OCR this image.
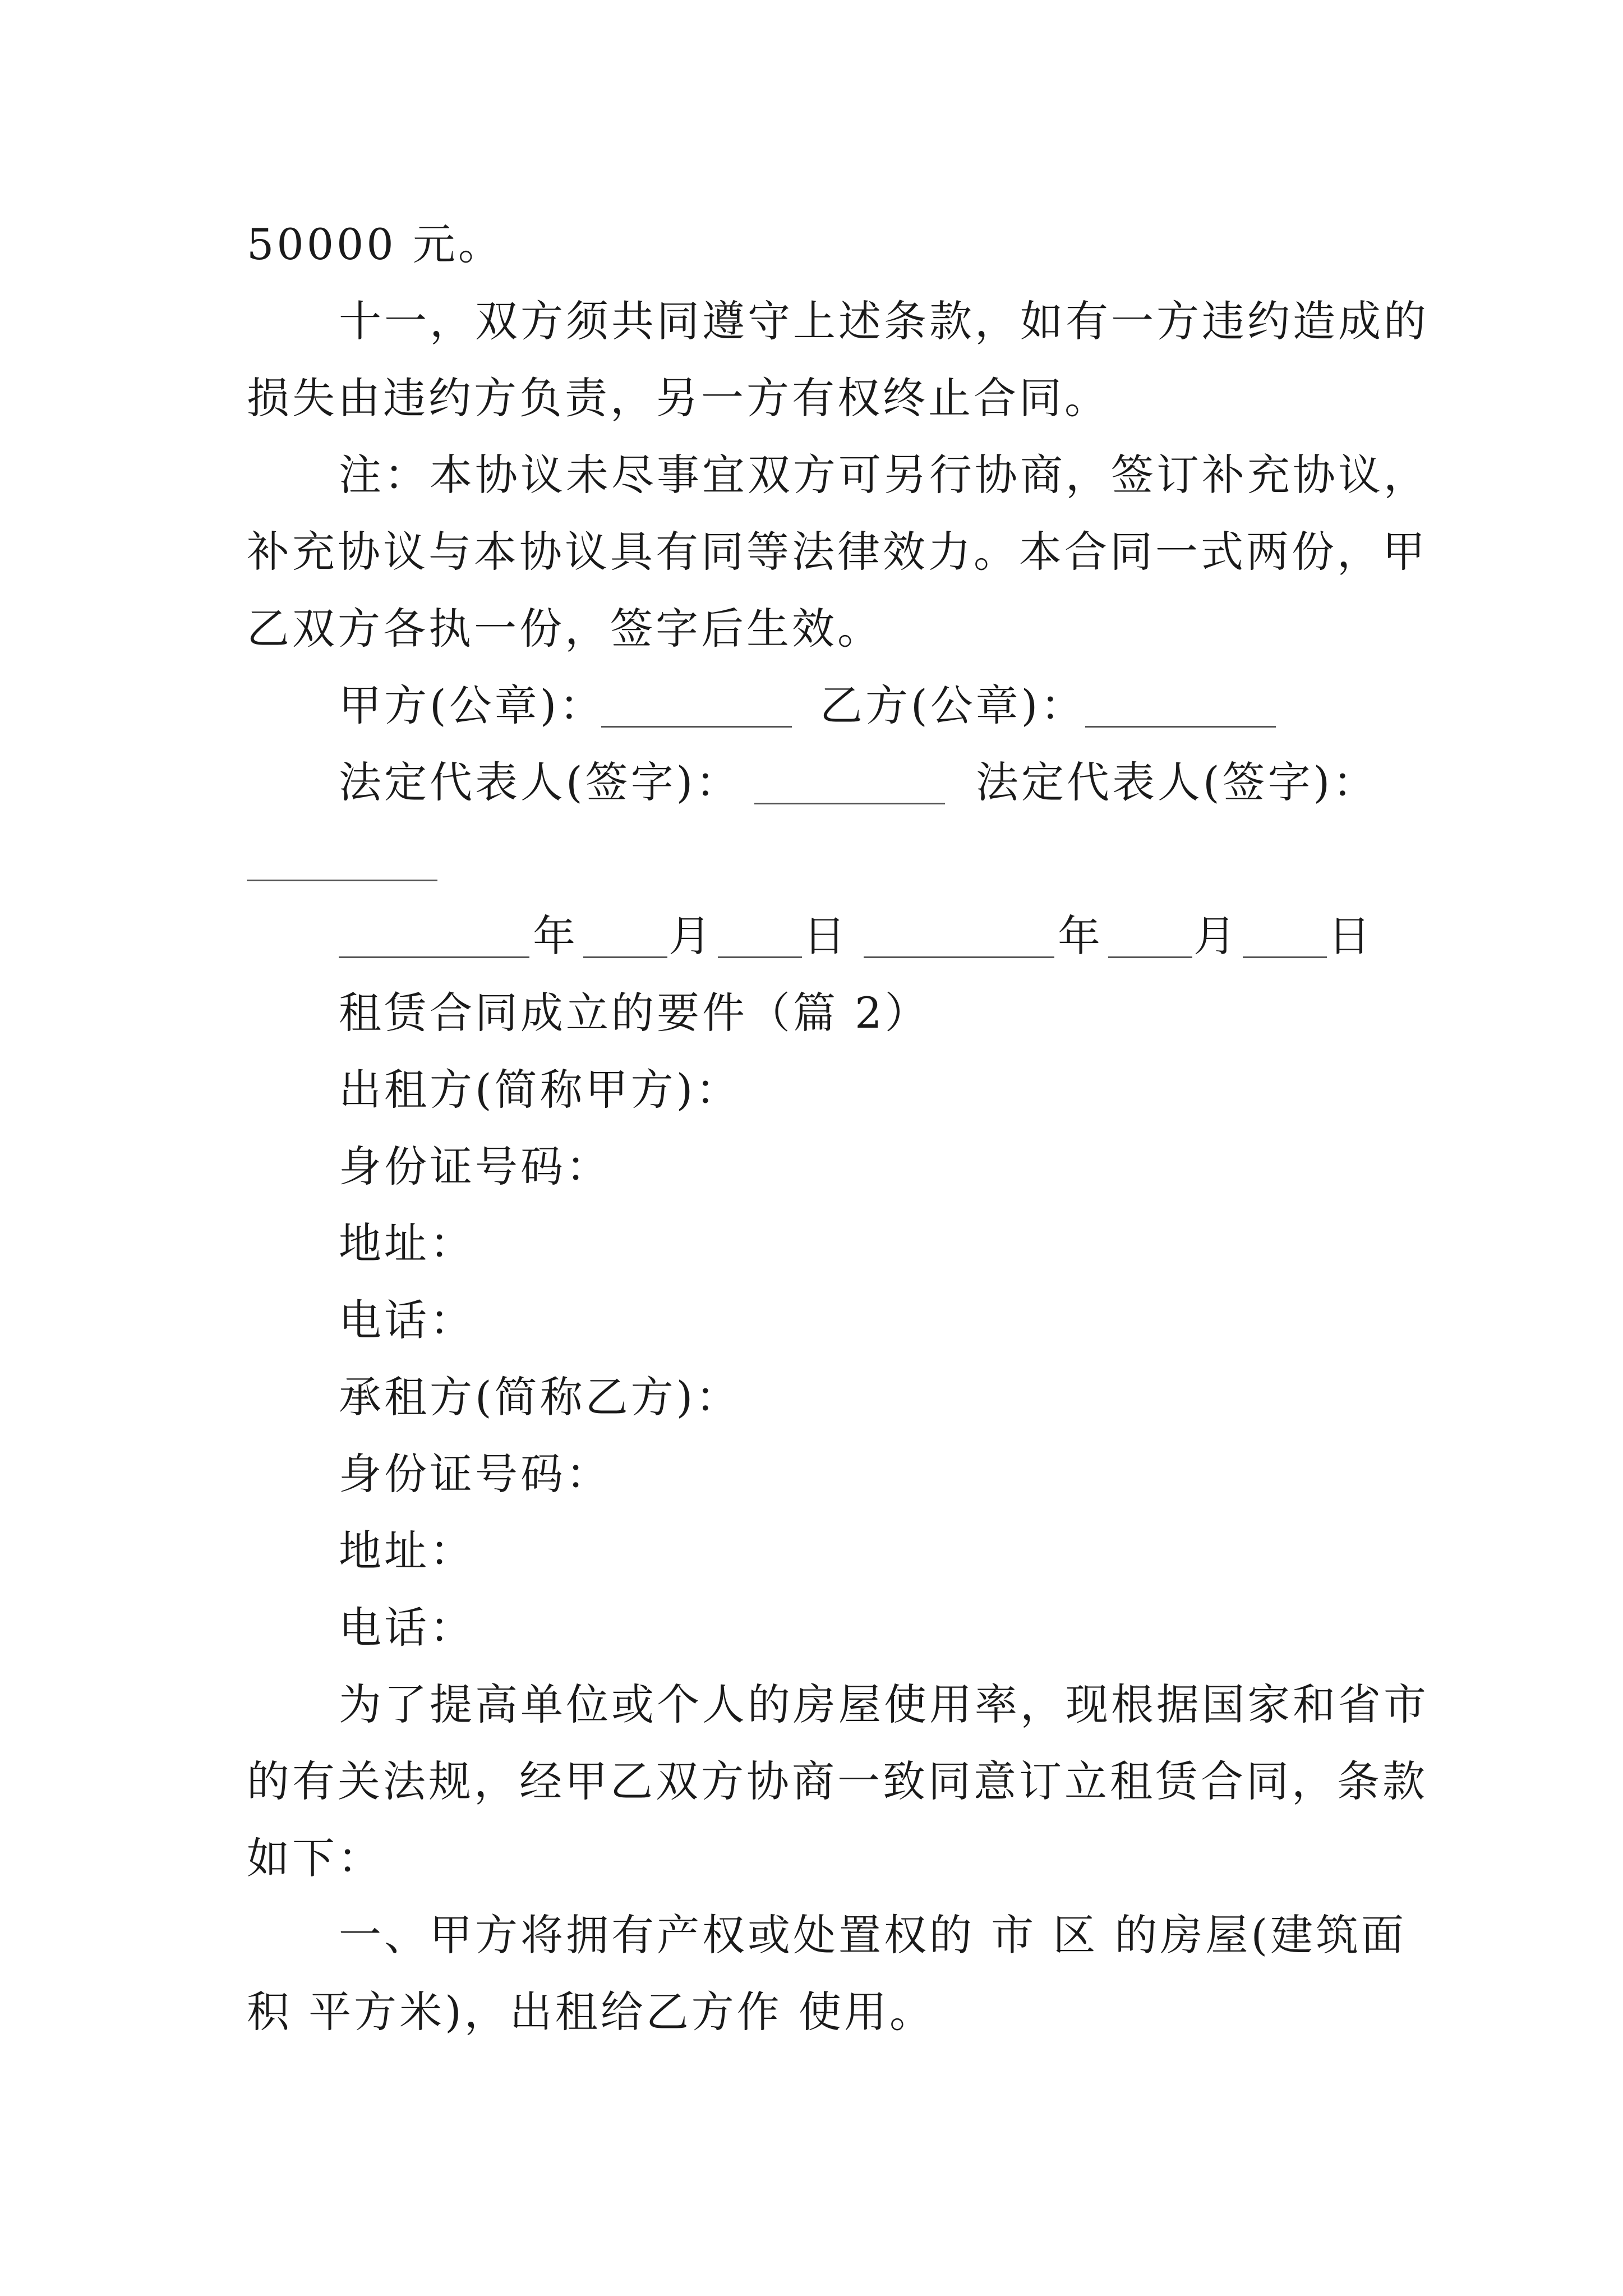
50000 元。
十一，双方须共同遵守上述条款，如有一方违约造成的
损失由违约方负责，另一方有权终止合同。
注：本协议未尽事宜双方可另行协商，签订补充协议，
补充协议与本协议具有同等法律效力。本合同一式两份，甲
乙双方各执一份，签字后生效。
甲方(公章)：	乙方(公章)：
法定代表人(签字)：	法定代表人(签字)：
年 月 日	年 月 日
租赁合同成立的要件（篇 2）
出租方(简称甲方)：
身份证号码：
地址：
电话：
承租方(简称乙方)：
身份证号码：
地址：
电话：
为了提高单位或个人的房屋使用率，现根据国家和省市
的有关法规，经甲乙双方协商一致同意订立租赁合同，条款
如下：
一、甲方将拥有产权或处置权的 市 区 的房屋(建筑面
积 平方米)，出租给乙方作 使用。
